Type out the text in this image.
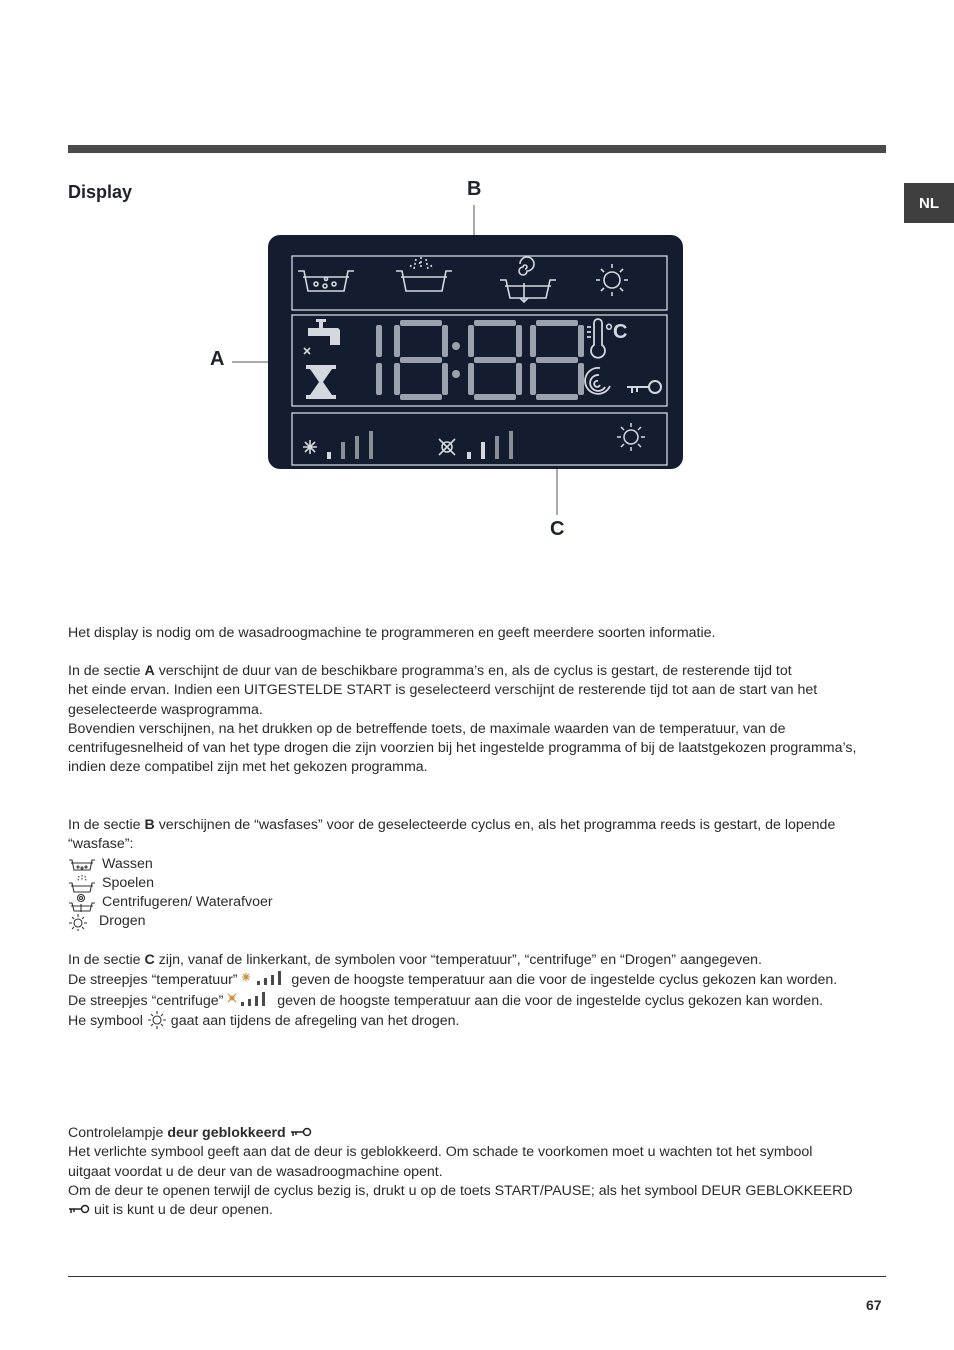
NL
Display	B
A
C
°C

Het display is nodig om de wasadroogmachine te programmeren en geeft meerdere soorten informatie.

In de sectie A verschijnt de duur van de beschikbare programma’s en, als de cyclus is gestart, de resterende tijd tot

het einde ervan. Indien een UITGESTELDE START is geselecteerd verschijnt de resterende tijd tot aan de start van het

geselecteerde wasprogramma.

Bovendien verschijnen, na het drukken op de betreffende toets, de maximale waarden van de temperatuur, van de

centrifugesnelheid of van het type drogen die zijn voorzien bij het ingestelde programma of bij de laatstgekozen programma’s,

indien deze compatibel zijn met het gekozen programma.

In de sectie B verschijnen de “wasfases” voor de geselecteerde cyclus en, als het programma reeds is gestart, de lopende

“wasfase”:

Wassen
Spoelen
Centrifugeren/ Waterafvoer
Drogen

In de sectie C zijn, vanaf de linkerkant, de symbolen voor “temperatuur”, “centrifuge” en “Drogen” aangegeven.

De streepjes “temperatuur”	geven de hoogste temperatuur aan die voor de ingestelde cyclus gekozen kan worden.

De streepjes “centrifuge”	geven de hoogste temperatuur aan die voor de ingestelde cyclus gekozen kan worden.

He symbool  gaat aan tijdens de afregeling van het drogen.

Controlelampje deur geblokkeerd

Het verlichte symbool geeft aan dat de deur is geblokkeerd. Om schade te voorkomen moet u wachten tot het symbool

uitgaat voordat u de deur van de wasadroogmachine opent.

Om de deur te openen terwijl de cyclus bezig is, drukt u op de toets START/PAUSE; als het symbool DEUR GEBLOKKEERD

uit is kunt u de deur openen.

67
